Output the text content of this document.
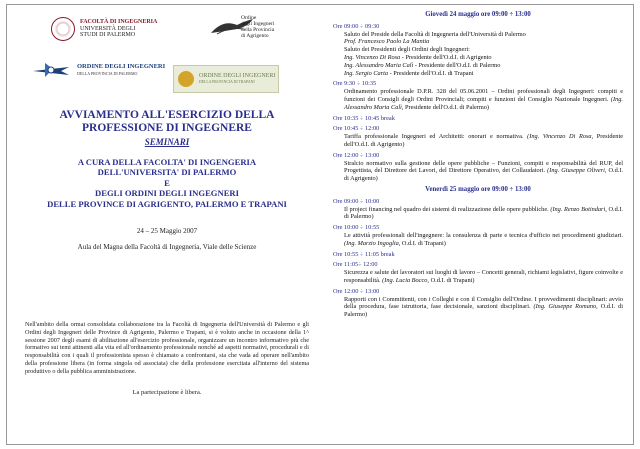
FACOLTÀ DI INGEGNERIA
UNIVERSITÀ DEGLI
STUDI DI PALERMO
Ordine
degli Ingegneri
della Provincia
di Agrigento
ORDINE DEGLI INGEGNERI
DELLA PROVINCIA DI PALERMO	ORDINE DEGLI INGEGNERI
DELLA PROVINCIA DI TRAPANI
AVVIAMENTO ALL'ESERCIZIO DELLA
PROFESSIONE DI INGEGNERE
SEMINARI
A CURA DELLA FACOLTA' DI INGENGERIA
DELL'UNIVERSITA' DI PALERMO
E
DEGLI ORDINI DEGLI INGEGNERI
DELLE PROVINCE DI AGRIGENTO, PALERMO E TRAPANI
24 – 25 Maggio 2007
Aula del Magna della Facoltà di Ingegneria, Viale delle Scienze
Nell'ambito della ormai consolidata collaborazione tra la Facoltà di Ingegneria dell'Università di Palermo e gli Ordini degli Ingegneri delle Province di Agrigento, Palermo e Trapani, si è voluto anche in occasione della 1^ sessione 2007 degli esami di abilitazione all'esercizio professionale, organizzare un incontro informativo più che formativo sui temi attinenti alla vita ed all'ordinamento professionale nonché ad aspetti normativi, procedurali e di responsabilità con i quali il professionista spesso è chiamato a confrontarsi, sia che vada ad operare nell'ambito della professione libera (in forma singola od associata) che della professione esercitata all'interno del sistema produttivo o della pubblica amministrazione.
La partecipazione è libera.
Giovedì 24 maggio ore 09:00 ÷ 13:00
Ore 09:00 ÷ 09:30
Saluto del Preside della Facoltà di Ingegneria dell'Università di Palermo
Prof. Francesco Paolo La Mantia
Saluto dei Presidenti degli Ordini degli Ingegneri:
Ing. Vincenzo Di Rosa - Presidente dell'O.d.I. di Agrigento
Ing. Alessandro Maria Calì - Presidente dell'O.d.I. di Palermo
Ing. Sergio Carta - Presidente dell'O.d.I. di Trapani
Ore 9:30 ÷ 10:35
Ordinamento professionale D.P.R. 328 del 05.06.2001 – Ordini professionali degli Ingegneri: compiti e funzioni dei Consigli degli Ordini Provinciali; compiti e funzioni del Consiglio Nazionale Ingegneri. (Ing. Alessandro Maria Calì, Presidente dell'O.d.I. di Palermo)
Ore 10:35 ÷ 10:45 break
Ore 10:45 ÷ 12:00
Tariffa professionale Ingegneri ed Architetti: onorari e normativa. (Ing. Vincenzo Di Rosa, Presidente dell'O.d.I. di Agrigento)
Ore 12:00 ÷ 13:00
Stralcio normativo sulla gestione delle opere pubbliche – Funzioni, compiti e responsabilità del RUP, del Progettista, del Direttore dei Lavori, del Direttore Operativo, dei Collaudatori. (Ing. Giuseppe Oliveri, O.d.I. di Agrigento)
Venerdì 25 maggio ore 09:00 ÷ 13:00
Ore 09:00 ÷ 10:00
Il project financing nel quadro dei sistemi di realizzazione delle opere pubbliche. (Ing. Renzo Botindari, O.d.I. di Palermo)
Ore 10:00 ÷ 10:55
Le attività professionali dell'ingegnere: la consulenza di parte e tecnica d'ufficio nei procedimenti giudiziari. (Ing. Marzio Ingoglia, O.d.I. di Trapani)
Ore 10:55 ÷ 11:05 break
Ore 11:05÷ 12:00
Sicurezza e salute dei lavoratori sui luoghi di lavoro – Concetti generali, richiami legislativi, figure coinvolte e responsabilità. (Ing. Lucia Bocco, O.d.I. di Trapani)
Ore 12:00 ÷ 13:00
Rapporti con i Committenti, con i Colleghi e con il Consiglio dell'Ordine. I provvedimenti disciplinari: avvio della procedura, fase istruttoria, fase decisionale, sanzioni disciplinari. (Ing. Giuseppe Romano, O.d.I. di Palermo)
